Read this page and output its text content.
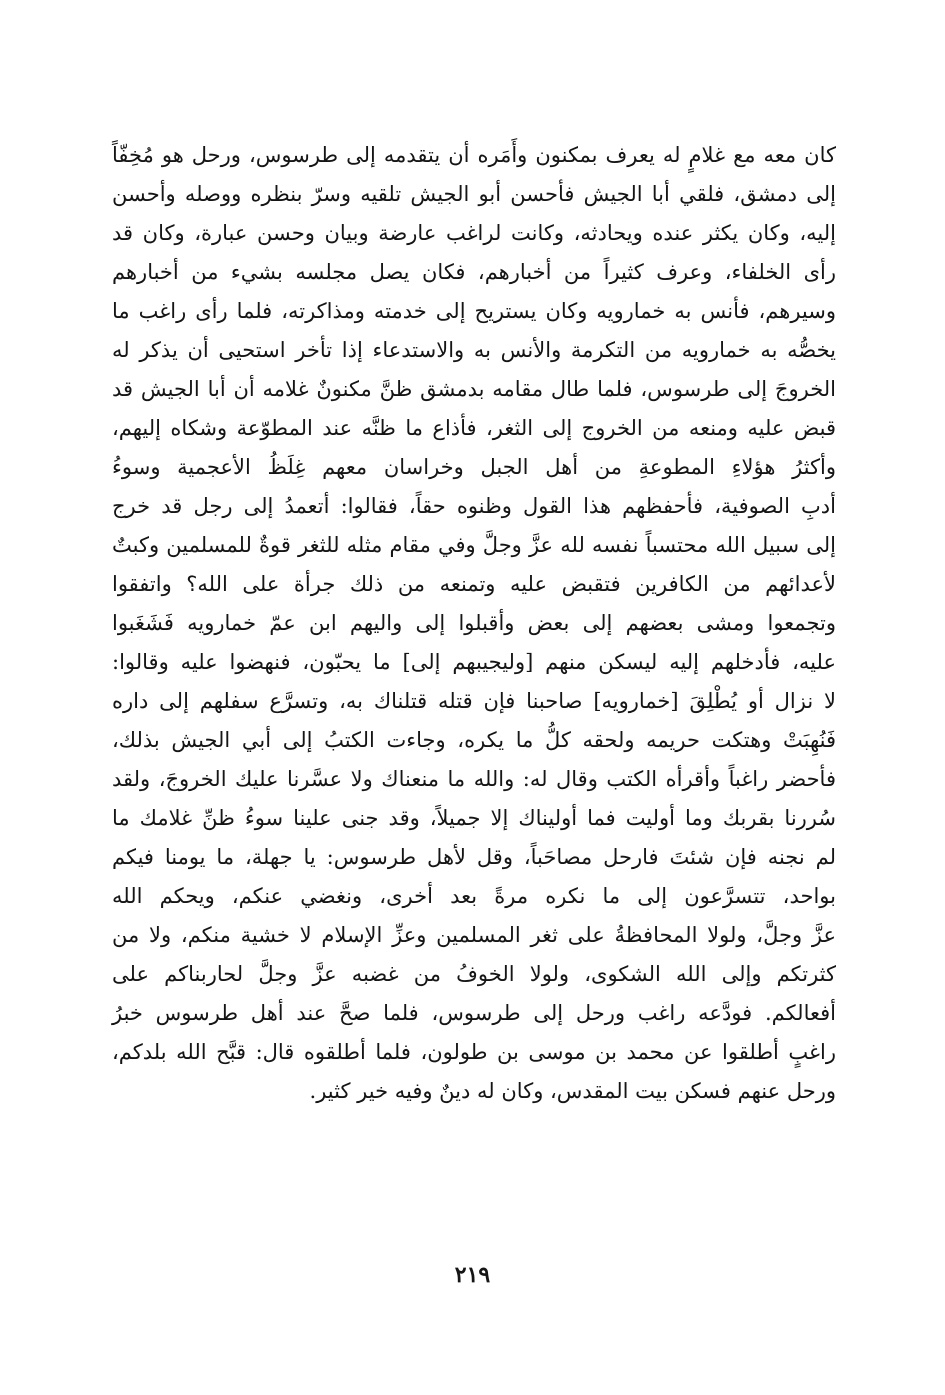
كان معه مع غلامٍ له يعرف بمكنون وأَمَره أن يتقدمه إلى طرسوس، ورحل هو مُخِفّاً
إلى دمشق، فلقي أبا الجيش فأحسن أبو الجيش تلقيه وسرّ بنظره ووصله وأحسن
إليه، وكان يكثر عنده ويحادثه، وكانت لراغب عارضة وبيان وحسن عبارة، وكان قد
رأى الخلفاء، وعرف كثيراً من أخبارهم، فكان يصل مجلسه بشيء من أخبارهم
وسيرهم، فأنس به خمارويه وكان يستريح إلى خدمته ومذاكرته، فلما رأى راغب ما
يخصُّه به خمارويه من التكرمة والأنس به والاستدعاء إذا تأخر استحيى أن يذكر له
الخروجَ إلى طرسوس، فلما طال مقامه بدمشق ظنَّ مكنونٌ غلامه أن أبا الجيش قد
قبض عليه ومنعه من الخروج إلى الثغر، فأذاع ما ظنَّه عند المطوّعة وشكاه إليهم،
وأكثرُ هؤلاءِ المطوعةِ من أهل الجبل وخراسان معهم غِلَظُ الأعجمية وسوءُ
أدبِ الصوفية، فأحفظهم هذا القول وظنوه حقاً، فقالوا: أتعمدُ إلى رجل قد خرج
إلى سبيل الله محتسباً نفسه لله عزَّ وجلَّ وفي مقام مثله للثغر قوةٌ للمسلمين وكبتٌ
لأعدائهم من الكافرين فتقبض عليه وتمنعه من ذلك جرأة على الله؟ واتفقوا
وتجمعوا ومشى بعضهم إلى بعض وأقبلوا إلى واليهم ابن عمّ خمارويه فَشَغَبوا
عليه، فأدخلهم إليه ليسكن منهم [وليجيبهم إلى] ما يحبّون، فنهضوا عليه وقالوا:
لا نزال أو يُطْلِقَ [خمارويه] صاحبنا فإن قتله قتلناك به، وتسرَّع سفلهم إلى داره
فَنُهِبَتْ وهتكت حريمه ولحقه كلُّ ما يكره، وجاءت الكتبُ إلى أبي الجيش بذلك،
فأحضر راغباً وأقرأه الكتب وقال له: والله ما منعناك ولا عسَّرنا عليك الخروجَ، ولقد
سُررنا بقربك وما أوليت فما أوليناك إلا جميلاً، وقد جنى علينا سوءُ ظنِّ غلامك ما
لم نجنه فإن شئتَ فارحل مصاحَباً، وقل لأهل طرسوس: يا جهلة، ما يومنا فيكم
بواحد، تتسرَّعون إلى ما نكره مرةً بعد أخرى، ونغضي عنكم، ويحكم الله
عزَّ وجلَّ، ولولا المحافظةُ على ثغر المسلمين وعزِّ الإسلام لا خشية منكم، ولا من
كثرتكم وإلى الله الشكوى، ولولا الخوفُ من غضبه عزَّ وجلَّ لحاربناكم على
أفعالكم. فودَّعه راغب ورحل إلى طرسوس، فلما صحَّ عند أهل طرسوس خبرُ
راغبٍ أطلقوا عن محمد بن موسى بن طولون، فلما أطلقوه قال: قبَّح الله بلدكم،
ورحل عنهم فسكن بيت المقدس، وكان له دينٌ وفيه خير كثير.
٢١٩
